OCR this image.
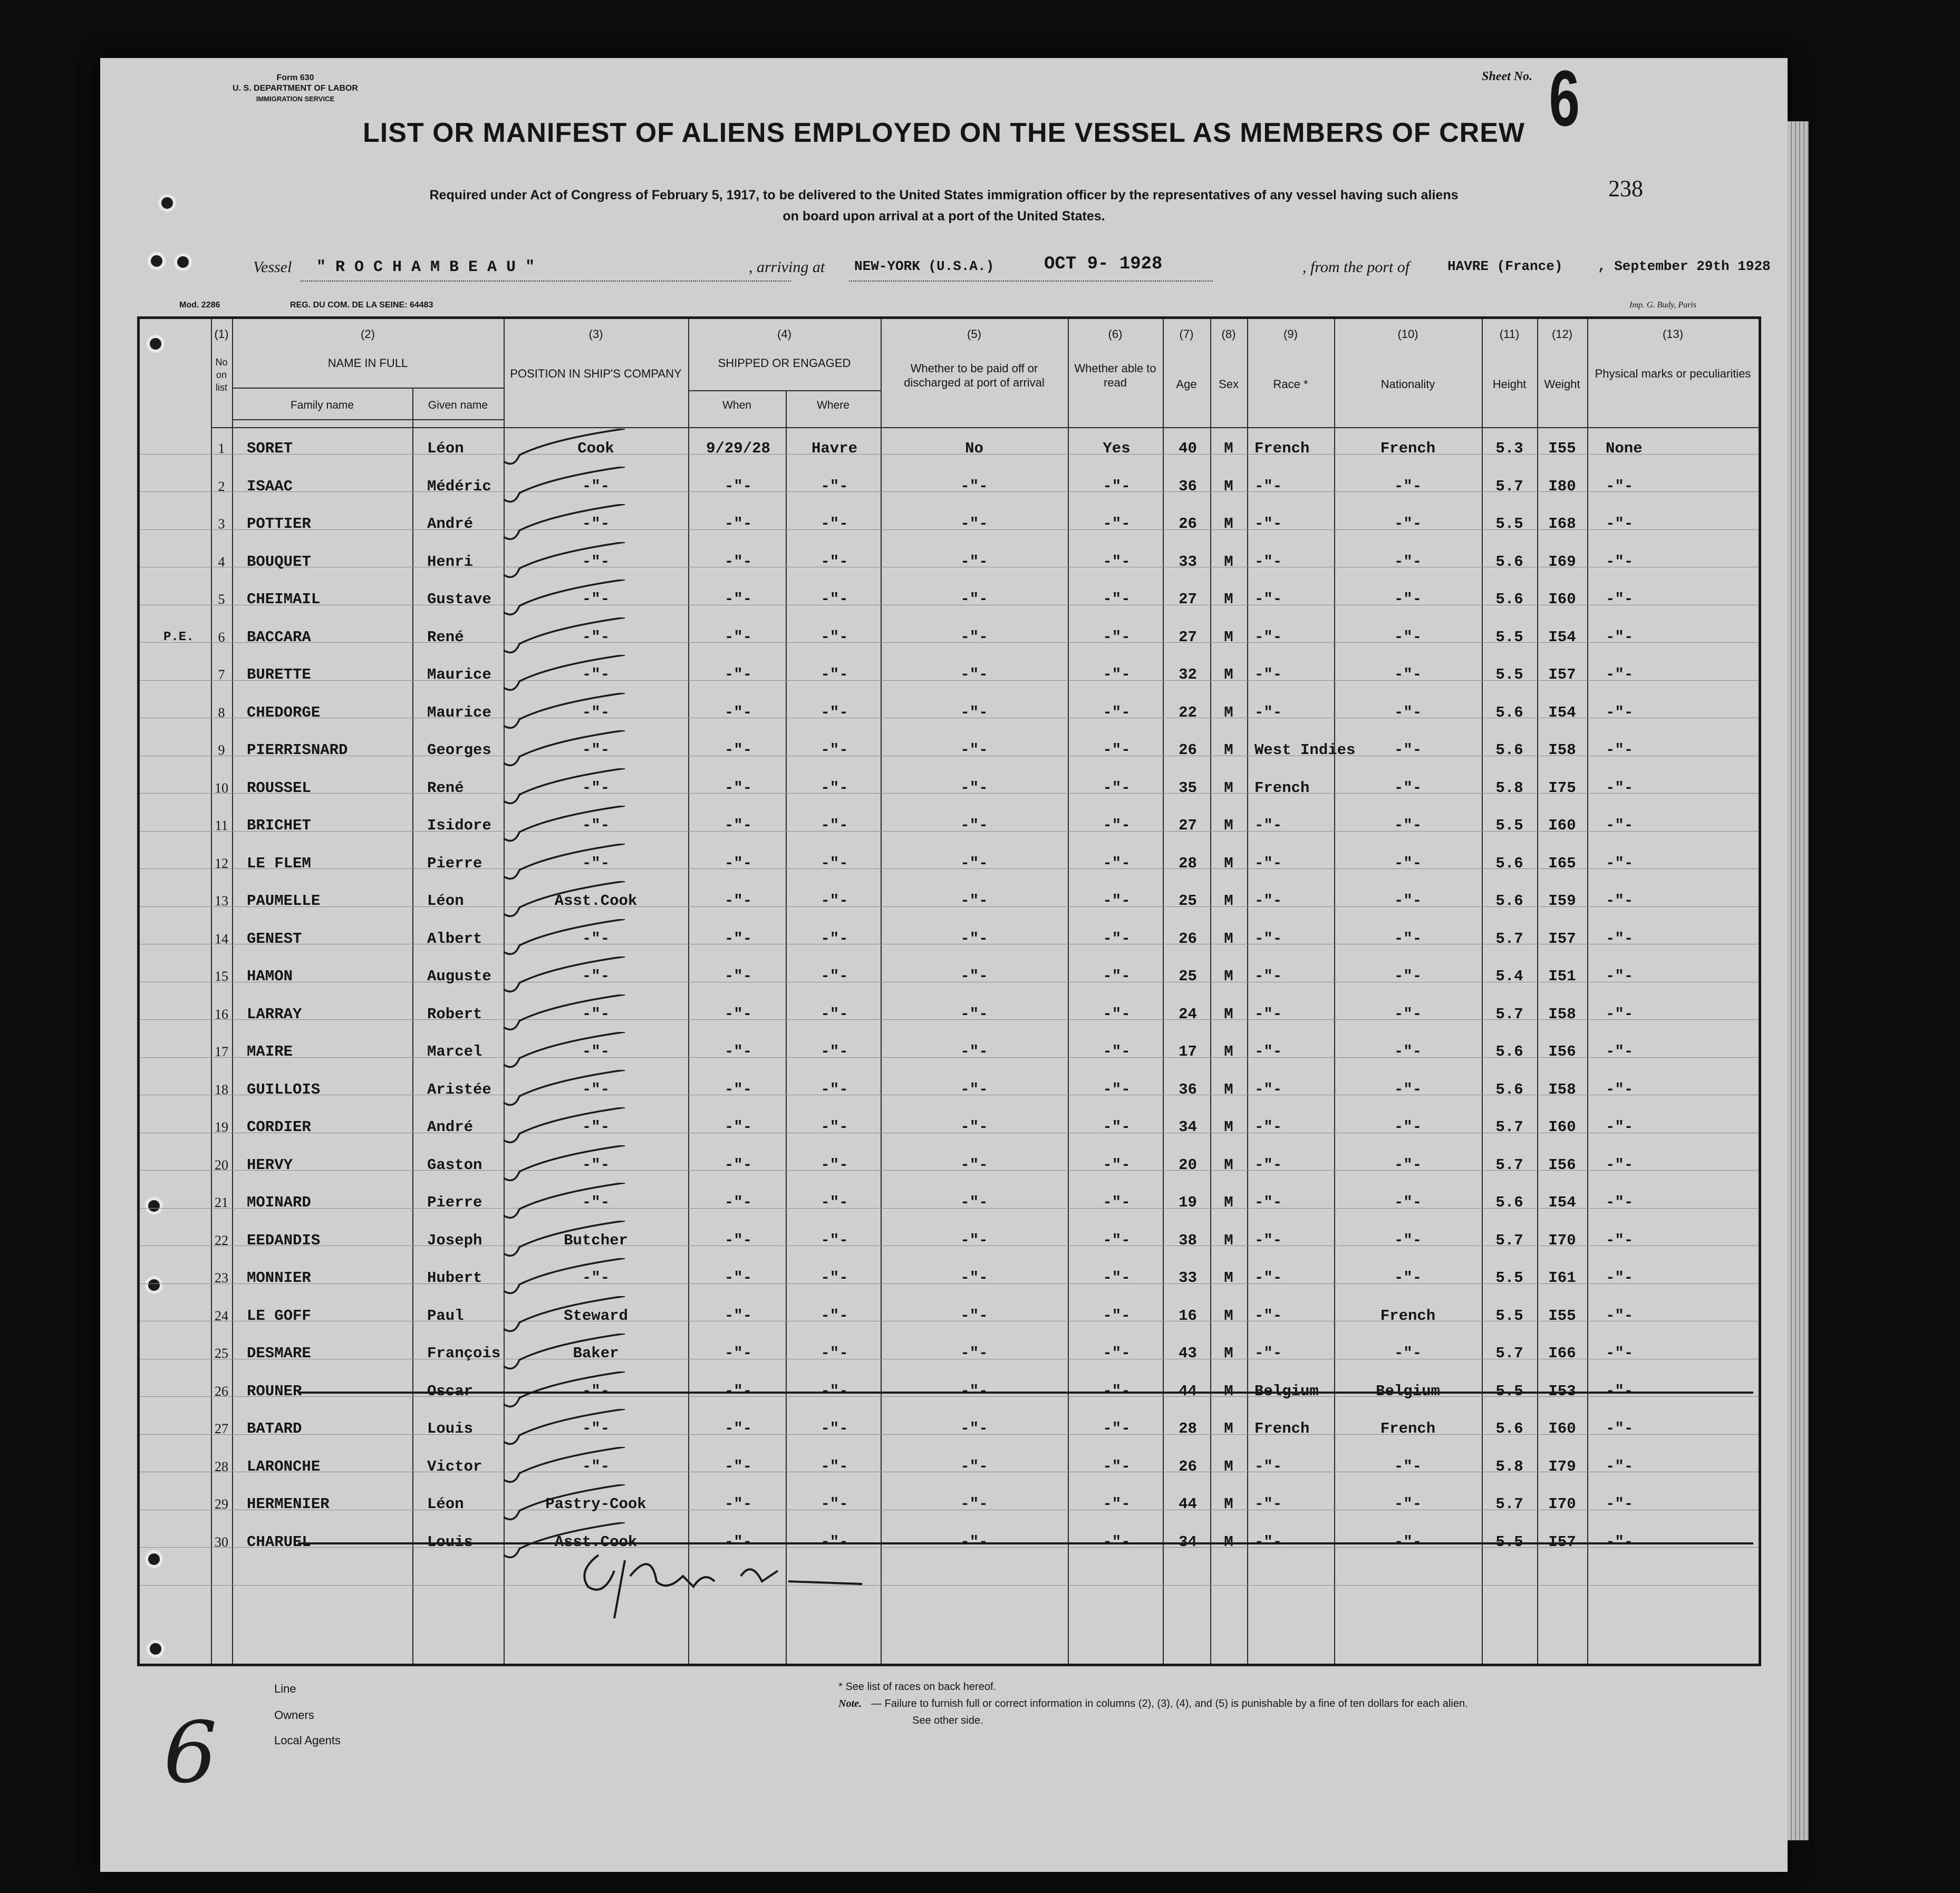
Form 630
U. S. DEPARTMENT OF LABOR
IMMIGRATION SERVICE
Sheet No. 6
238
LIST OR MANIFEST OF ALIENS EMPLOYED ON THE VESSEL AS MEMBERS OF CREW
Required under Act of Congress of February 5, 1917, to be delivered to the United States immigration officer by the representatives of any vessel having such aliens
on board upon arrival at a port of the United States.
Vessel " R O C H A M B E A U "	, arriving at NEW-YORK (U.S.A.)	OCT 9- 1928	, from the port of	HAVRE (France)	, September 29th 1928
Mod. 2286	REG. DU COM. DE LA SEINE: 64483	Imp. G. Budy, Paris
(1)
No on list
(2)
NAME IN FULL
(3)
POSITION IN SHIP'S COMPANY
(4)
SHIPPED OR ENGAGED
(5)
Whether to be paid off or discharged at port of arrival
(6)
Whether able to read
(7)
Age
(8)
Sex
(9)
Race *
(10)
Nationality
(11)
Height
(12)
Weight
(13)
Physical marks or peculiarities
Family name	Given name	When	Where
1	SORET	Léon	Cook	9/29/28	Havre	No	Yes	40	M	French	French	5.3	I55	None
2	ISAAC	Médéric	-"-	-"-	-"-	-"-	-"-	36	M	-"-	-"-	5.7	I80	-"-
3	POTTIER	André	-"-	-"-	-"-	-"-	-"-	26	M	-"-	-"-	5.5	I68	-"-
4	BOUQUET	Henri	-"-	-"-	-"-	-"-	-"-	33	M	-"-	-"-	5.6	I69	-"-
5	CHEIMAIL	Gustave	-"-	-"-	-"-	-"-	-"-	27	M	-"-	-"-	5.6	I60	-"-
6	BACCARA	René	-"-	-"-	-"-	-"-	-"-	27	M	-"-	-"-	5.5	I54	-"-
7	BURETTE	Maurice	-"-	-"-	-"-	-"-	-"-	32	M	-"-	-"-	5.5	I57	-"-
8	CHEDORGE	Maurice	-"-	-"-	-"-	-"-	-"-	22	M	-"-	-"-	5.6	I54	-"-
9	PIERRISNARD	Georges	-"-	-"-	-"-	-"-	-"-	26	M	West Indies	-"-	5.6	I58	-"-
10 ROUSSEL	René	-"-	-"-	-"-	-"-	-"-	35	M	French	-"-	5.8	I75	-"-
11 BRICHET	Isidore	-"-	-"-	-"-	-"-	-"-	27	M	-"-	-"-	5.5	I60	-"-
12 LE FLEM	Pierre	-"-	-"-	-"-	-"-	-"-	28	M	-"-	-"-	5.6	I65	-"-
13 PAUMELLE	Léon	Asst.Cook	-"-	-"-	-"-	-"-	25	M	-"-	-"-	5.6	I59	-"-
14 GENEST	Albert	-"-	-"-	-"-	-"-	-"-	26	M	-"-	-"-	5.7	I57	-"-
15 HAMON	Auguste	-"-	-"-	-"-	-"-	-"-	25	M	-"-	-"-	5.4	I51	-"-
16 LARRAY	Robert	-"-	-"-	-"-	-"-	-"-	24	M	-"-	-"-	5.7	I58	-"-
17 MAIRE	Marcel	-"-	-"-	-"-	-"-	-"-	17	M	-"-	-"-	5.6	I56	-"-
18 GUILLOIS	Aristée	-"-	-"-	-"-	-"-	-"-	36	M	-"-	-"-	5.6	I58	-"-
19 CORDIER	André	-"-	-"-	-"-	-"-	-"-	34	M	-"-	-"-	5.7	I60	-"-
20 HERVY	Gaston	-"-	-"-	-"-	-"-	-"-	20	M	-"-	-"-	5.7	I56	-"-
21 MOINARD	Pierre	-"-	-"-	-"-	-"-	-"-	19	M	-"-	-"-	5.6	I54	-"-
22 EEDANDIS	Joseph	Butcher	-"-	-"-	-"-	-"-	38	M	-"-	-"-	5.7	I70	-"-
23 MONNIER	Hubert	-"-	-"-	-"-	-"-	-"-	33	M	-"-	-"-	5.5	I61	-"-
24 LE GOFF	Paul	Steward	-"-	-"-	-"-	-"-	16	M	-"-	French	5.5	I55	-"-
25 DESMARE	François	Baker	-"-	-"-	-"-	-"-	43	M	-"-	-"-	5.7	I66	-"-
26 ROUNER	Oscar	-"-	-"-	-"-	-"-	-"-	44	M	Belgium	Belgium	5.5	I53	-"-
27 BATARD	Louis	-"-	-"-	-"-	-"-	-"-	28	M	French	French	5.6	I60	-"-
28 LARONCHE	Victor	-"-	-"-	-"-	-"-	-"-	26	M	-"-	-"-	5.8	I79	-"-
29 HERMENIER	Léon	Pastry-Cook	-"-	-"-	-"-	-"-	44	M	-"-	-"-	5.7	I70	-"-
30 CHARUEL	Louis	Asst.Cook	-"-	-"-	-"-	-"-	34	M	-"-	-"-	5.5	I57	-"-
P.E.
Line
Owners
Local Agents
* See list of races on back hereof.
Note. — Failure to furnish full or correct information in columns (2), (3), (4), and (5) is punishable by a fine of ten dollars for each alien.
See other side.
6
